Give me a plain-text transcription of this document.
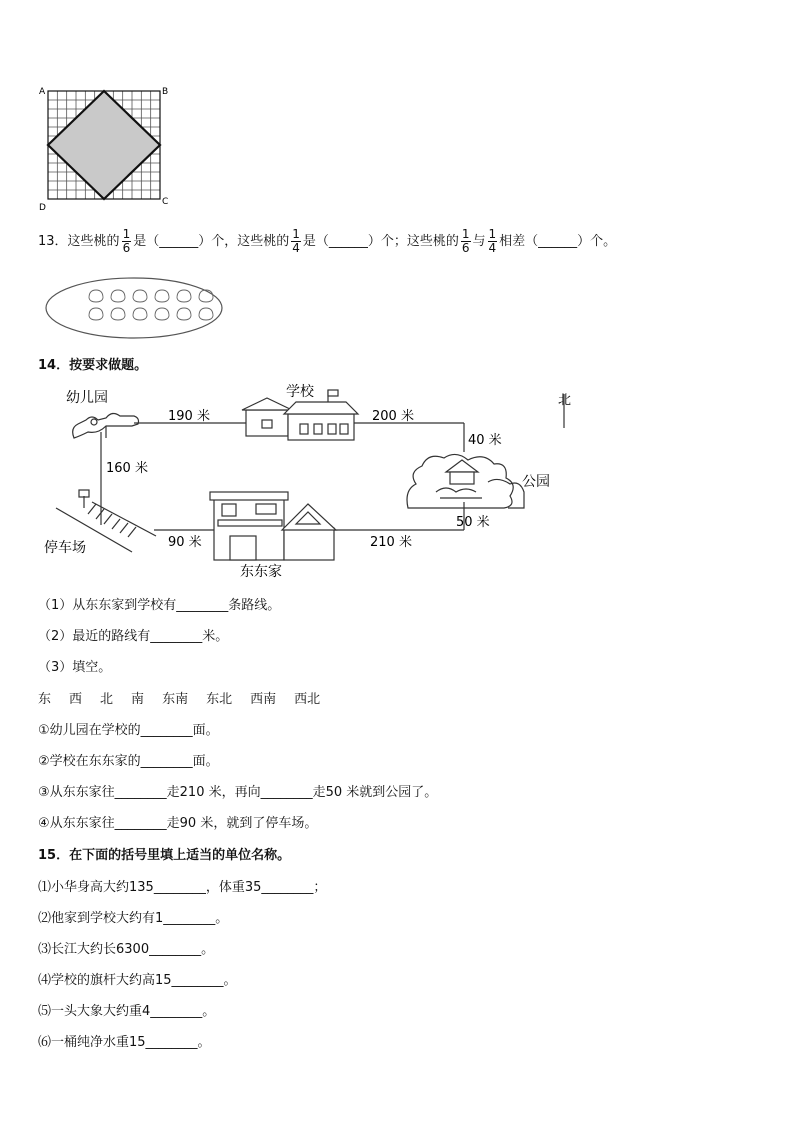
A	B
C
D
13．这些桃的 $\frac{1}{6}$ 是（______）个，这些桃的 $\frac{1}{4}$ 是（______）个；这些桃的 $\frac{1}{6}$ 与 $\frac{1}{4}$ 相差（______）个。
14．按要求做题。
幼儿园	学校
公园
停车场
东东家
北
190 米	200 米
40 米
160 米
50 米
90 米	210 米
（1）从东东家到学校有________条路线。
（2）最近的路线有________米。
（3）填空。
东 西 北 南 东南 东北 西南 西北
①幼儿园在学校的________面。
②学校在东东家的________面。
③从东东家往________走210 米，再向________走50 米就到公园了。
④从东东家往________走90 米，就到了停车场。
15．在下面的括号里填上适当的单位名称。
⑴小华身高大约135________，体重35________；
⑵他家到学校大约有1________。
⑶长江大约长6300________。
⑷学校的旗杆大约高15________。
⑸一头大象大约重4________。
⑹一桶纯净水重15________。
